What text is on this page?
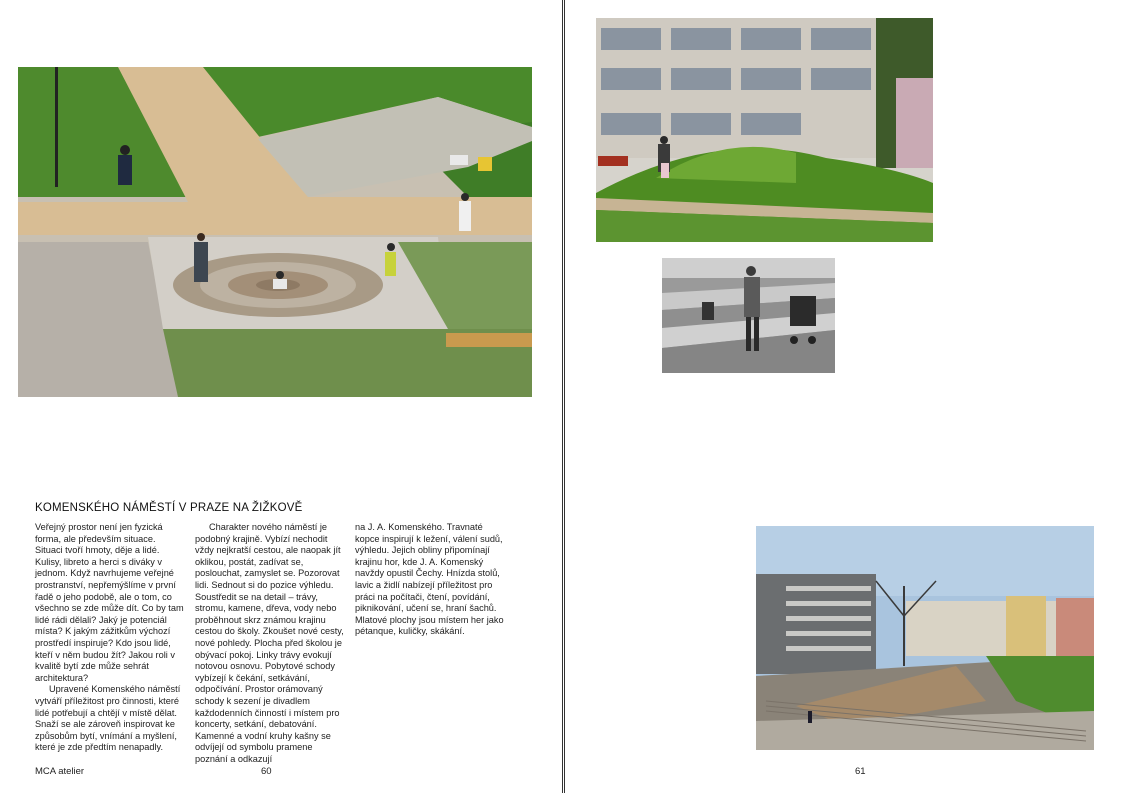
KOMENSKÉHO NÁMĚSTÍ V PRAZE NA ŽIŽKOVĚ

Veřejný prostor není jen fyzická forma, ale především situace. Situaci tvoří hmoty, děje a lidé. Kulisy, libreto a herci s diváky v jednom. Když navrhujeme veřejné prostranství, nepřemýšlíme v první řadě o jeho podobě, ale o tom, co všechno se zde může dít. Co by tam lidé rádi dělali? Jaký je potenciál místa? K jakým zážitkům výchozí prostředí inspiruje? Kdo jsou lidé, kteří v něm budou žít? Jakou roli v kvalitě bytí zde může sehrát architektura?

Upravené Komenského náměstí vytváří příležitost pro činnosti, které lidé potřebují a chtějí v místě dělat. Snaží se ale zároveň inspirovat ke způsobům bytí, vnímání a myšlení, které je zde předtím nenapadly.

Charakter nového náměstí je podobný krajině. Vybízí nechodit vždy nejkratší cestou, ale naopak jít oklikou, postát, zadívat se, poslouchat, zamyslet se. Pozorovat lidi. Sednout si do pozice výhledu. Soustředit se na detail – trávy, stromu, kamene, dřeva, vody nebo proběhnout skrz známou krajinu cestou do školy. Zkoušet nové cesty, nové pohledy. Plocha před školou je obývací pokoj. Linky trávy evokují notovou osnovu. Pobytové schody vybízejí k čekání, setkávání, odpočívání. Prostor orámovaný schody k sezení je divadlem každodenních činností i místem pro koncerty, setkání, debatování. Kamenné a vodní kruhy kašny se odvíjejí od symbolu pramene poznání a odkazují

na J. A. Komenského. Travnaté kopce inspirují k ležení, válení sudů, výhledu. Jejich obliny připomínají krajinu hor, kde J. A. Komenský navždy opustil Čechy. Hnízda stolů, lavic a židlí nabízejí příležitost pro práci na počítači, čtení, povídání, piknikování, učení se, hraní šachů. Mlatové plochy jsou místem her jako pétanque, kuličky, skákání.

MCA atelier	60	61
